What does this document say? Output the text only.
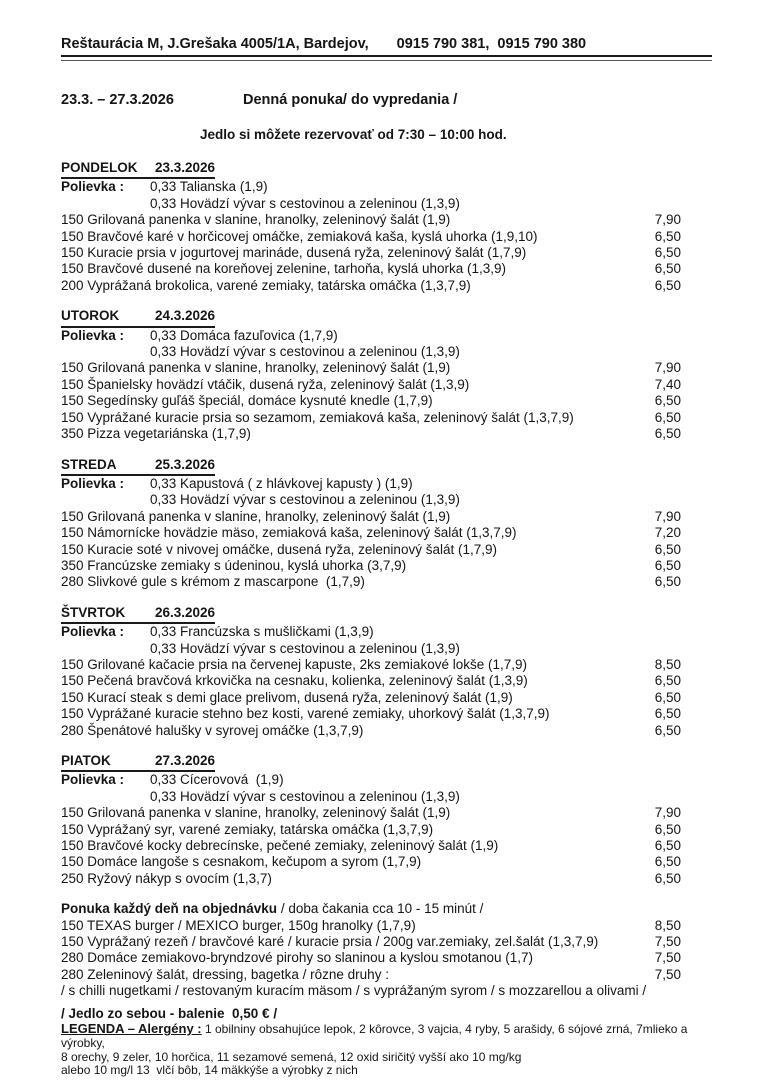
Reštaurácia M, J.Grešaka 4005/1A, Bardejov, 0915 790 381,  0915 790 380
23.3. – 27.3.2026	Denná ponuka/ do vypredania /
Jedlo si môžete rezervovať od 7:30 – 10:00 hod.
PONDELOK 23.3.2026
Polievka :	0,33 Talianska (1,9)
0,33 Hovädzí vývar s cestovinou a zeleninou (1,3,9)
150 Grilovaná panenka v slanine, hranolky, zeleninový šalát (1,9)	7,90
150 Bravčové karé v horčicovej omáčke, zemiaková kaša, kyslá uhorka (1,9,10)	6,50
150 Kuracie prsia v jogurtovej marináde, dusená ryža, zeleninový šalát (1,7,9)	6,50
150 Bravčové dusené na koreňovej zelenine, tarhoňa, kyslá uhorka (1,3,9)	6,50
200 Vyprážaná brokolica, varené zemiaky, tatárska omáčka (1,3,7,9)	6,50
UTOROK	24.3.2026
Polievka :	0,33 Domáca fazuľovica (1,7,9)
0,33 Hovädzí vývar s cestovinou a zeleninou (1,3,9)
150 Grilovaná panenka v slanine, hranolky, zeleninový šalát (1,9)	7,90
150 Španielsky hovädzí vtáčik, dusená ryža, zeleninový šalát (1,3,9)	7,40
150 Segedínsky guľáš špeciál, domáce kysnuté knedle (1,7,9)	6,50
150 Vyprážané kuracie prsia so sezamom, zemiaková kaša, zeleninový šalát (1,3,7,9)	6,50
350 Pizza vegetariánska (1,7,9)	6,50
STREDA	25.3.2026
Polievka :	0,33 Kapustová ( z hlávkovej kapusty ) (1,9)
0,33 Hovädzí vývar s cestovinou a zeleninou (1,3,9)
150 Grilovaná panenka v slanine, hranolky, zeleninový šalát (1,9)	7,90
150 Námornícke hovädzie mäso, zemiaková kaša, zeleninový šalát (1,3,7,9)	7,20
150 Kuracie soté v nivovej omáčke, dusená ryža, zeleninový šalát (1,7,9)	6,50
350 Francúzske zemiaky s údeninou, kyslá uhorka (3,7,9)	6,50
280 Slivkové gule s krémom z mascarpone  (1,7,9)	6,50
ŠTVRTOK 26.3.2026
Polievka :	0,33 Francúzska s mušličkami (1,3,9)
0,33 Hovädzí vývar s cestovinou a zeleninou (1,3,9)
150 Grilované kačacie prsia na červenej kapuste, 2ks zemiakové lokše (1,7,9)	8,50
150 Pečená bravčová krkovička na cesnaku, kolienka, zeleninový šalát (1,3,9)	6,50
150 Kurací steak s demi glace prelivom, dusená ryža, zeleninový šalát (1,9)	6,50
150 Vyprážané kuracie stehno bez kosti, varené zemiaky, uhorkový šalát (1,3,7,9)	6,50
280 Špenátové halušky v syrovej omáčke (1,3,7,9)	6,50
PIATOK	27.3.2026
Polievka :	0,33 Cícerovová  (1,9)
0,33 Hovädzí vývar s cestovinou a zeleninou (1,3,9)
150 Grilovaná panenka v slanine, hranolky, zeleninový šalát (1,9)	7,90
150 Vyprážaný syr, varené zemiaky, tatárska omáčka (1,3,7,9)	6,50
150 Bravčové kocky debrecínske, pečené zemiaky, zeleninový šalát (1,9)	6,50
150 Domáce langoše s cesnakom, kečupom a syrom (1,7,9)	6,50
250 Ryžový nákyp s ovocím (1,3,7)	6,50
Ponuka každý deň na objednávku / doba čakania cca 10 - 15 minút /
150 TEXAS burger / MEXICO burger, 150g hranolky (1,7,9)	8,50
150 Vyprážaný rezeň / bravčové karé / kuracie prsia / 200g var.zemiaky, zel.šalát (1,3,7,9)	7,50
280 Domáce zemiakovo-bryndzové pirohy so slaninou a kyslou smotanou (1,7)	7,50
280 Zeleninový šalát, dressing, bagetka / rôzne druhy :	7,50
/ s chilli nugetkami / restovaným kuracím mäsom / s vyprážaným syrom / s mozzarellou a olivami /
/ Jedlo zo sebou - balenie  0,50 € /
LEGENDA – Alergény : 1 obilniny obsahujúce lepok, 2 kôrovce, 3 vajcia, 4 ryby, 5 arašidy, 6 sójové zrná, 7mlieko a výrobky,
8 orechy, 9 zeler, 10 horčica, 11 sezamové semená, 12 oxid siričitý vyšší ako 10 mg/kg
alebo 10 mg/l 13  vlčí bôb, 14 mäkkýše a výrobky z nich
